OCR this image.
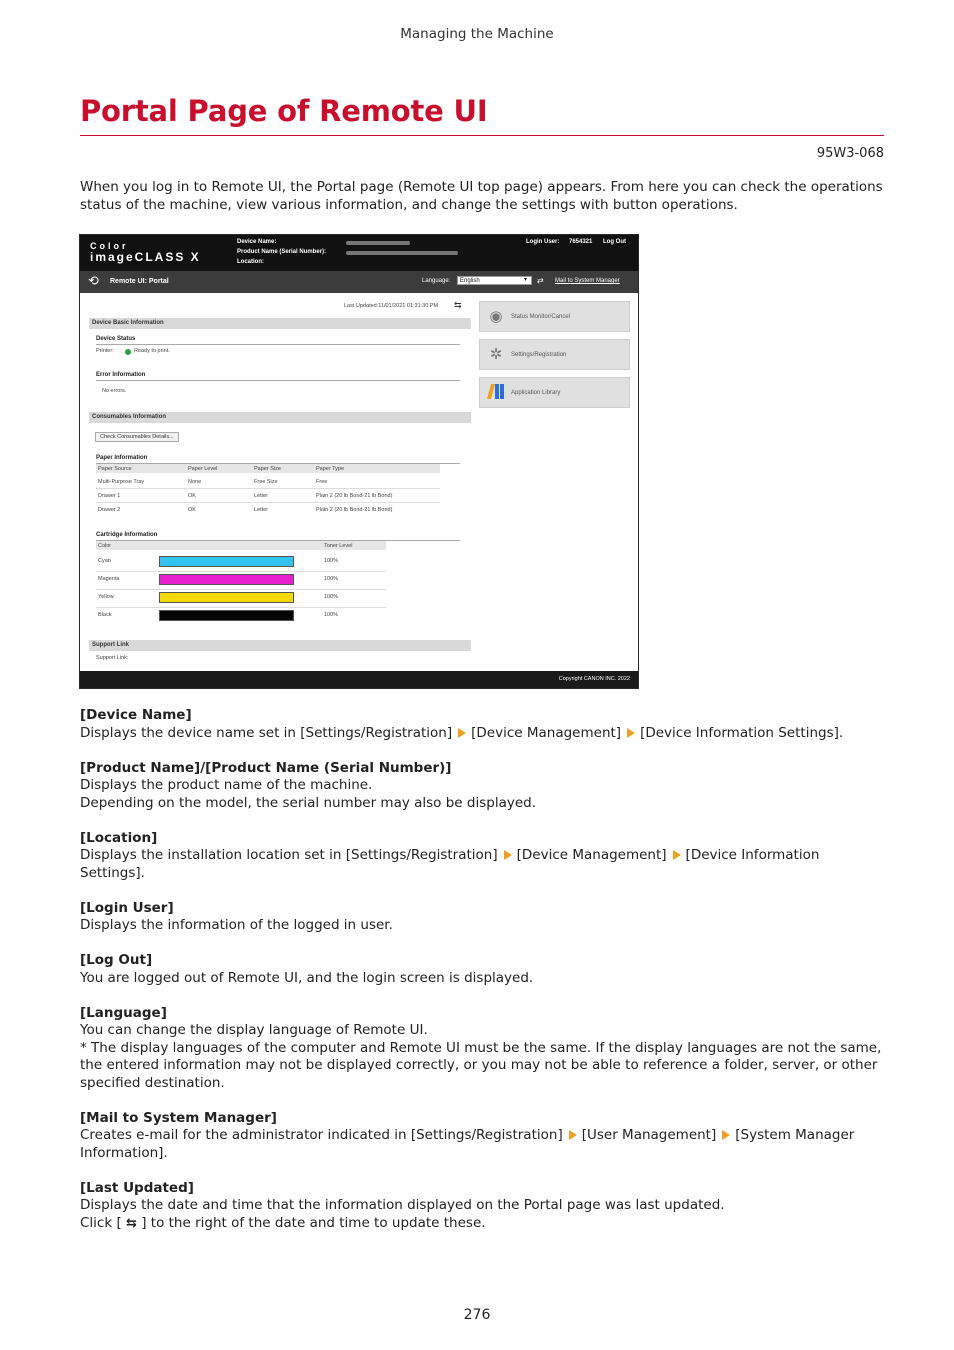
Managing the Machine
Portal Page of Remote UI
95W3-068
When you log in to Remote UI, the Portal page (Remote UI top page) appears. From here you can check the operations status of the machine, view various information, and change the settings with button operations.
Color
imageCLASS X
Device Name:
Product Name (Serial Number):
Location:
Login User: 7654321 Log Out
⟲ Remote UI: Portal	Language:	English	▾	⇄ Mail to System Manager
Last Updated:11/01/2021 01:31:30 PM ⇆
Device Basic Information
Device Status
Printer:	Ready to print.
Error Information
No errors.
Consumables Information
Check Consumables Details...
Paper Information
Paper Source	Paper Level	Paper Size	Paper Type
Multi-Purpose Tray	None	Free Size	Free
Drawer 1	OK	Letter	Plain 2 (20 lb Bond-21 lb Bond)
Drawer 2	OK	Letter	Plain 2 (20 lb Bond-21 lb Bond)
Cartridge Information
Color	Toner Level
Cyan	100%
Magenta	100%
Yellow	100%
Black	100%
Support Link
Support Link:
◉	Status Monitor/Cancel
✲	Settings/Registration
Application Library
Copyright CANON INC. 2022
[Device Name]
Displays the device name set in [Settings/Registration] [Device Management] [Device Information Settings].
[Product Name]/[Product Name (Serial Number)]
Displays the product name of the machine.
Depending on the model, the serial number may also be displayed.
[Location]
Displays the installation location set in [Settings/Registration] [Device Management] [Device Information Settings].
[Login User]
Displays the information of the logged in user.
[Log Out]
You are logged out of Remote UI, and the login screen is displayed.
[Language]
You can change the display language of Remote UI.
* The display languages of the computer and Remote UI must be the same. If the display languages are not the same, the entered information may not be displayed correctly, or you may not be able to reference a folder, server, or other specified destination.
[Mail to System Manager]
Creates e-mail for the administrator indicated in [Settings/Registration] [User Management] [System Manager Information].
[Last Updated]
Displays the date and time that the information displayed on the Portal page was last updated.
Click [ ⇆ ] to the right of the date and time to update these.
276
